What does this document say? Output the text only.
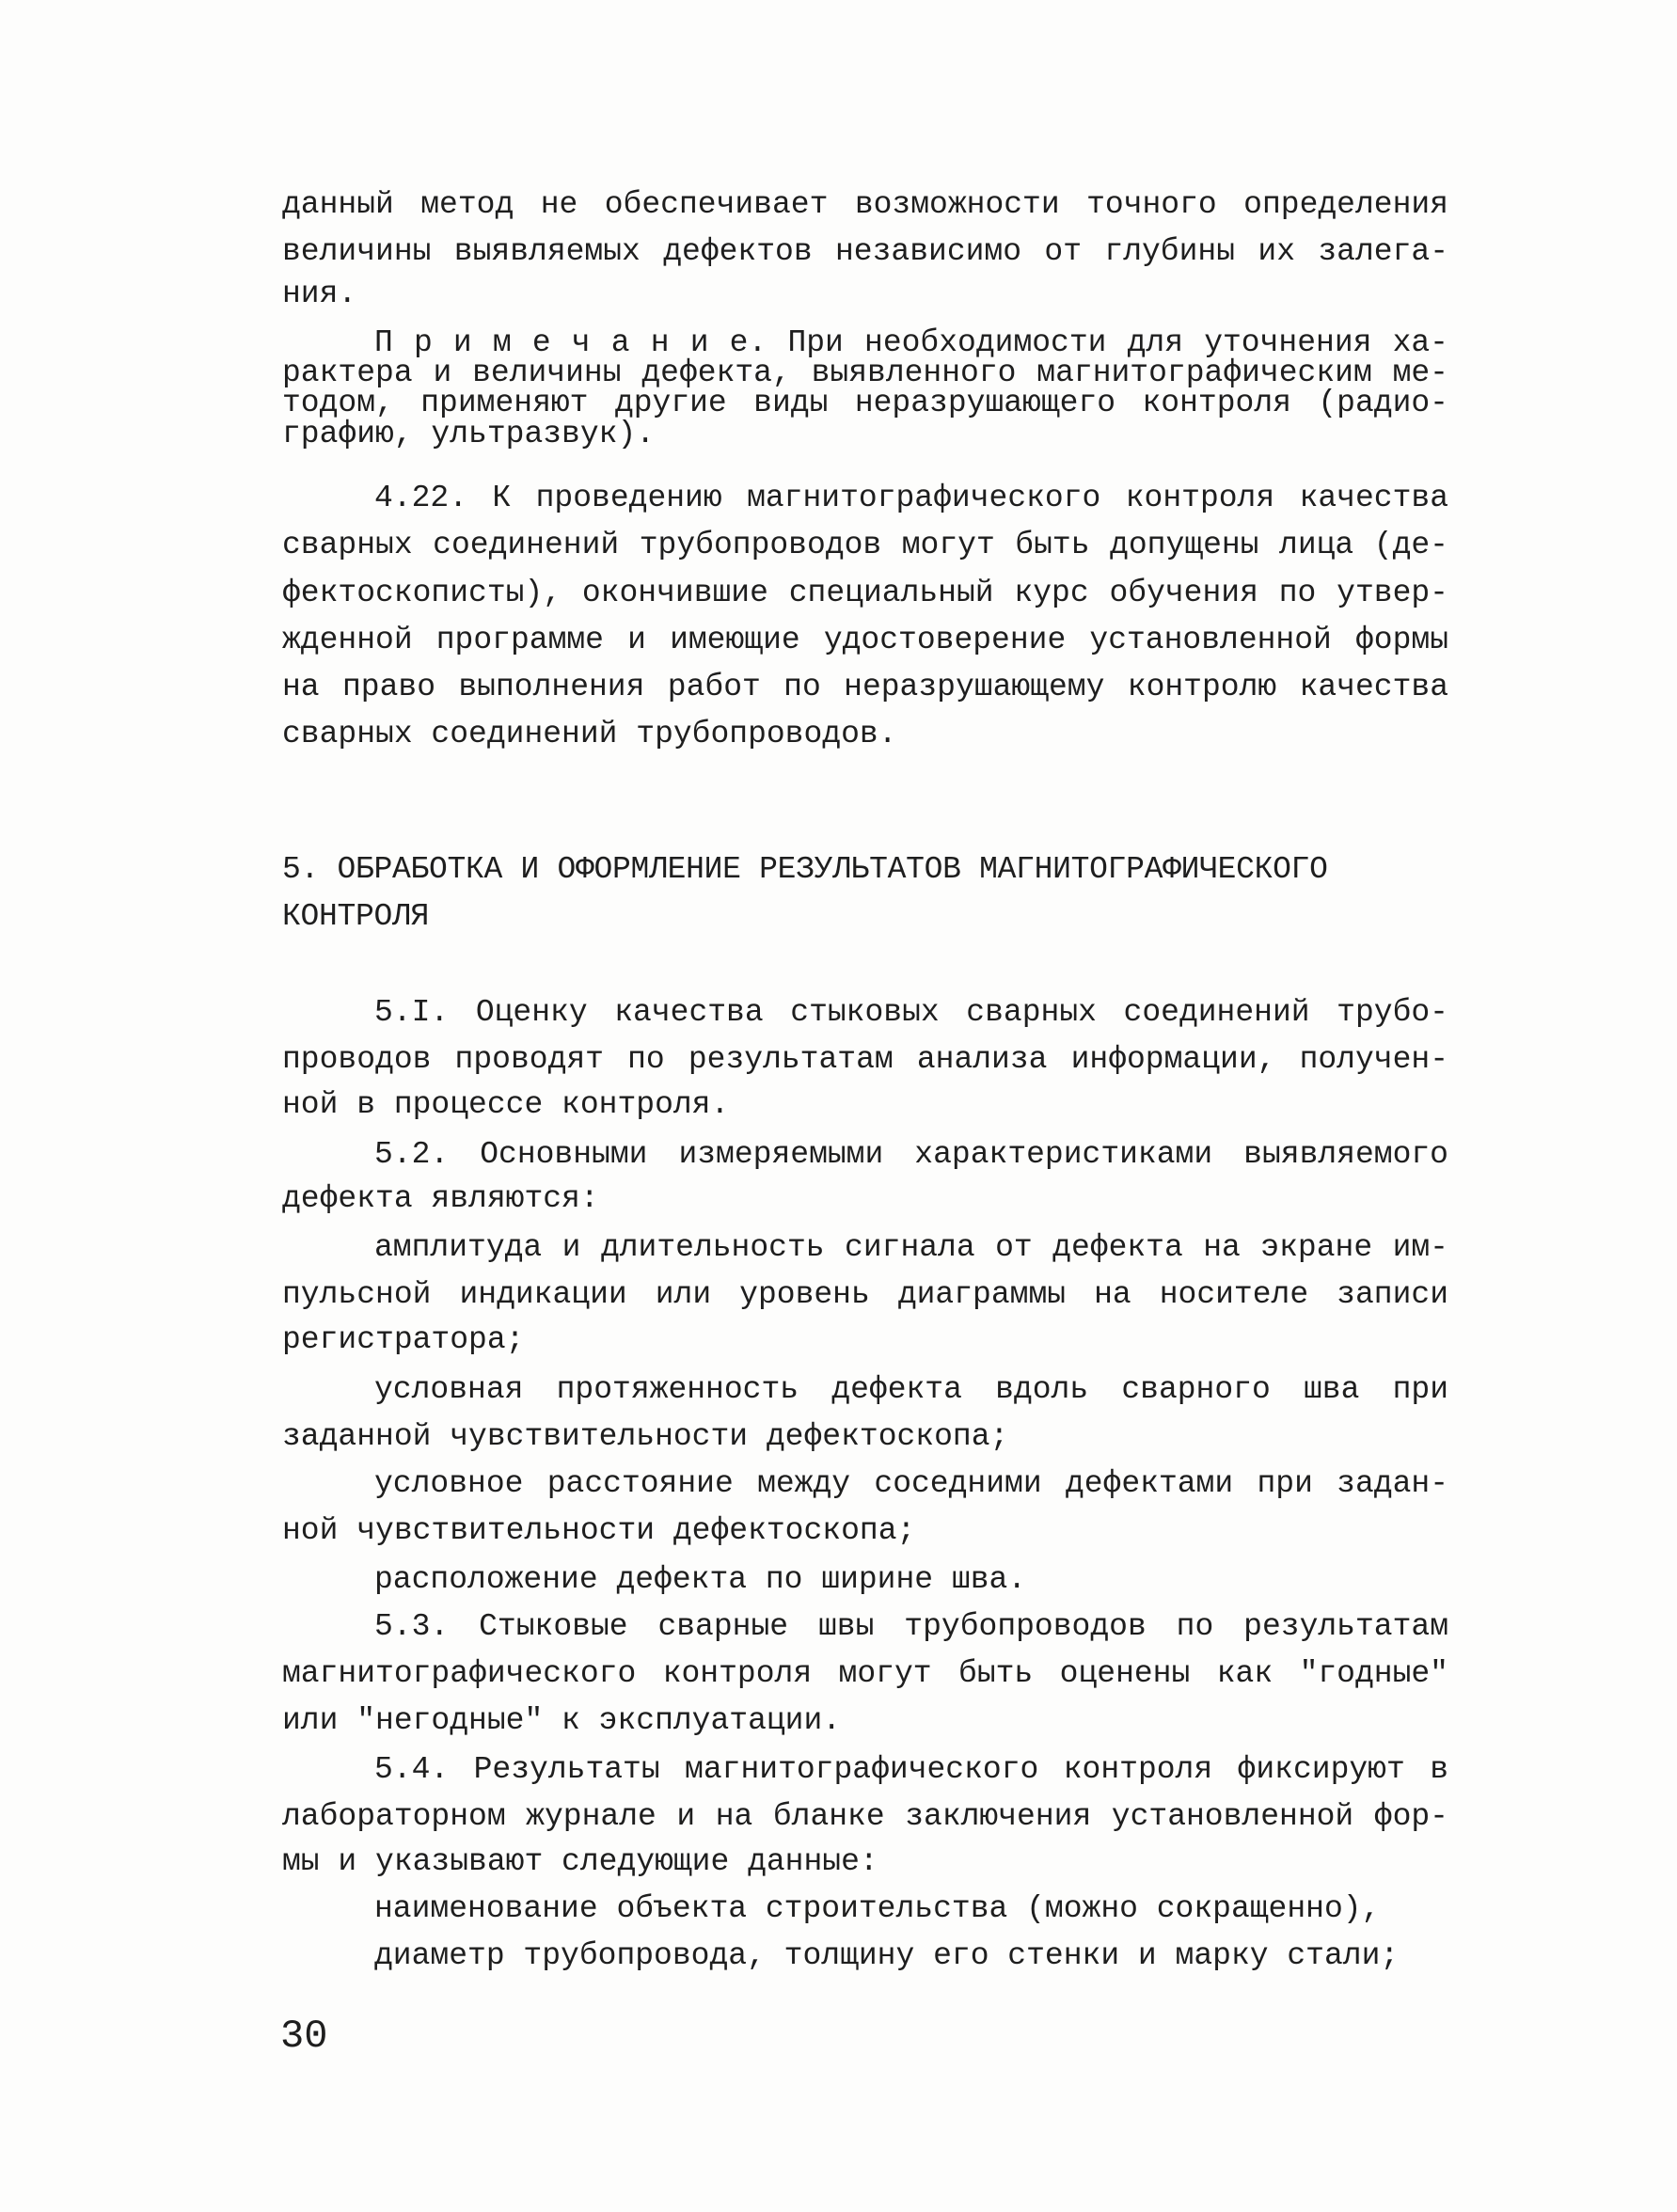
данный метод не обеспечивает возможности точного определения
величины выявляемых дефектов независимо от глубины их залега-
ния.
П р и м е ч а н и е. При необходимости для уточнения ха-
рактера и величины дефекта, выявленного магнитографическим ме-
тодом, применяют другие виды неразрушающего контроля (радио-
графию, ультразвук).
4.22. К проведению магнитографического контроля качества
сварных соединений трубопроводов могут быть допущены лица (де-
фектоскописты), окончившие специальный курс обучения по утвер-
жденной программе и имеющие удостоверение установленной формы
на право выполнения работ по неразрушающему контролю качества
сварных соединений трубопроводов.
5. ОБРАБОТКА И ОФОРМЛЕНИЕ РЕЗУЛЬТАТОВ МАГНИТОГРАФИЧЕСКОГО
КОНТРОЛЯ
5.I. Оценку качества стыковых сварных соединений трубо-
проводов проводят по результатам анализа информации, получен-
ной в процессе контроля.
5.2. Основными измеряемыми характеристиками выявляемого
дефекта являются:
амплитуда и длительность сигнала от дефекта на экране им-
пульсной индикации или уровень диаграммы на носителе записи
регистратора;
условная протяженность дефекта вдоль сварного шва при
заданной чувствительности дефектоскопа;
условное расстояние между соседними дефектами при задан-
ной чувствительности дефектоскопа;
расположение дефекта по ширине шва.
5.3. Стыковые сварные швы трубопроводов по результатам
магнитографического контроля могут быть оценены как "годные"
или "негодные" к эксплуатации.
5.4. Результаты магнитографического контроля фиксируют в
лабораторном журнале и на бланке заключения установленной фор-
мы и указывают следующие данные:
наименование объекта строительства (можно сокращенно),
диаметр трубопровода, толщину его стенки и марку стали;
30
